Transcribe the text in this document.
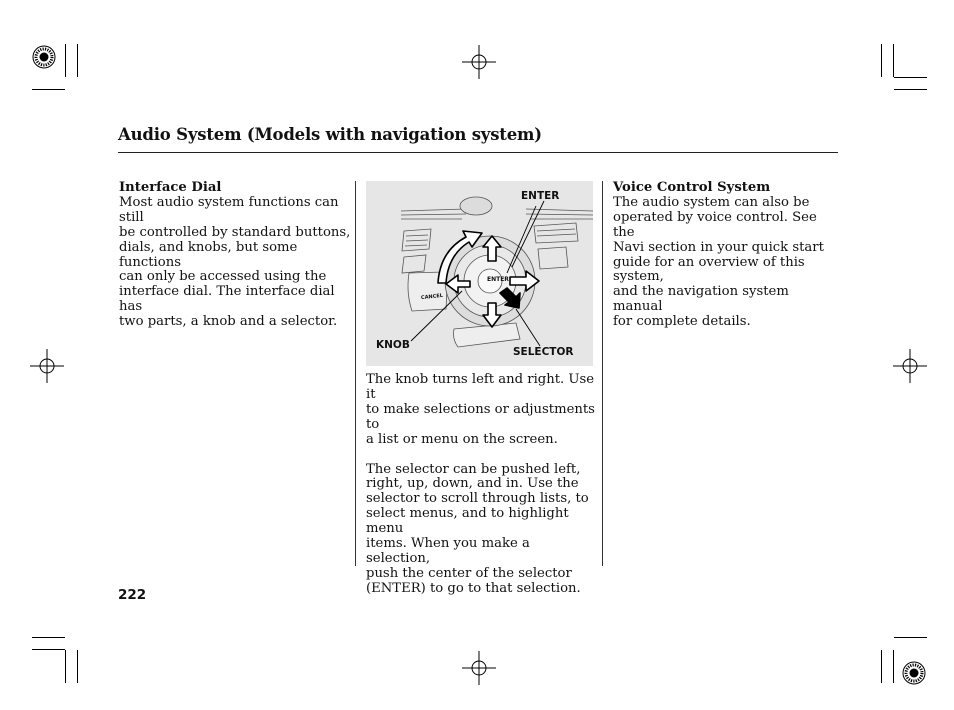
Audio System (Models with navigation system)
Interface Dial

Most audio system functions can still
be controlled by standard buttons,
dials, and knobs, but some functions
can only be accessed using the
interface dial. The interface dial has
two parts, a knob and a selector.

ENTER
KNOB
SELECTOR
ENTER
CANCEL

The knob turns left and right. Use it
to make selections or adjustments to
a list or menu on the screen.

The selector can be pushed left,
right, up, down, and in. Use the
selector to scroll through lists, to
select menus, and to highlight menu
items. When you make a selection,
push the center of the selector
(ENTER) to go to that selection.

Voice Control System

The audio system can also be
operated by voice control. See the
Navi section in your quick start
guide for an overview of this system,
and the navigation system manual
for complete details.

222
